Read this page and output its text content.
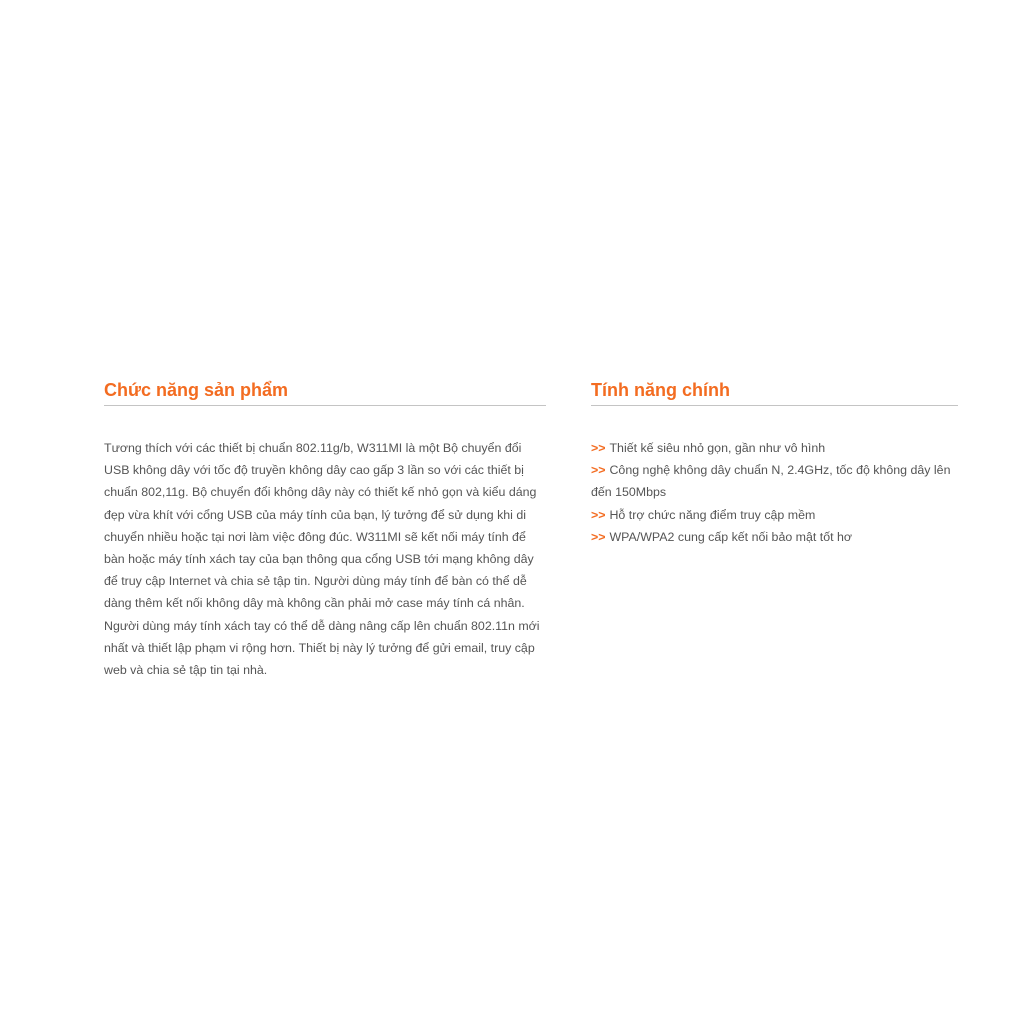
Chức năng sản phẩm

Tương thích với các thiết bị chuẩn 802.11g/b, W311MI là một Bộ chuyển đổi USB không dây với tốc độ truyền không dây cao gấp 3 lần so với các thiết bị chuẩn 802,11g. Bộ chuyển đổi không dây này có thiết kế nhỏ gọn và kiểu dáng đẹp vừa khít với cổng USB của máy tính của bạn, lý tưởng để sử dụng khi di chuyển nhiều hoặc tại nơi làm việc đông đúc. W311MI sẽ kết nối máy tính để bàn hoặc máy tính xách tay của bạn thông qua cổng USB tới mạng không dây để truy cập Internet và chia sẻ tập tin. Người dùng máy tính để bàn có thể dễ dàng thêm kết nối không dây mà không cần phải mở case máy tính cá nhân. Người dùng máy tính xách tay có thể dễ dàng nâng cấp lên chuẩn 802.11n mới nhất và thiết lập phạm vi rộng hơn. Thiết bị này lý tưởng để gửi email, truy cập web và chia sẻ tập tin tại nhà.

Tính năng chính
>> Thiết kế siêu nhỏ gọn, gần như vô hình
>> Công nghệ không dây chuẩn N, 2.4GHz, tốc độ không dây lên đến 150Mbps
>> Hỗ trợ chức năng điểm truy cập mềm
>> WPA/WPA2 cung cấp kết nối bảo mật tốt hơ
